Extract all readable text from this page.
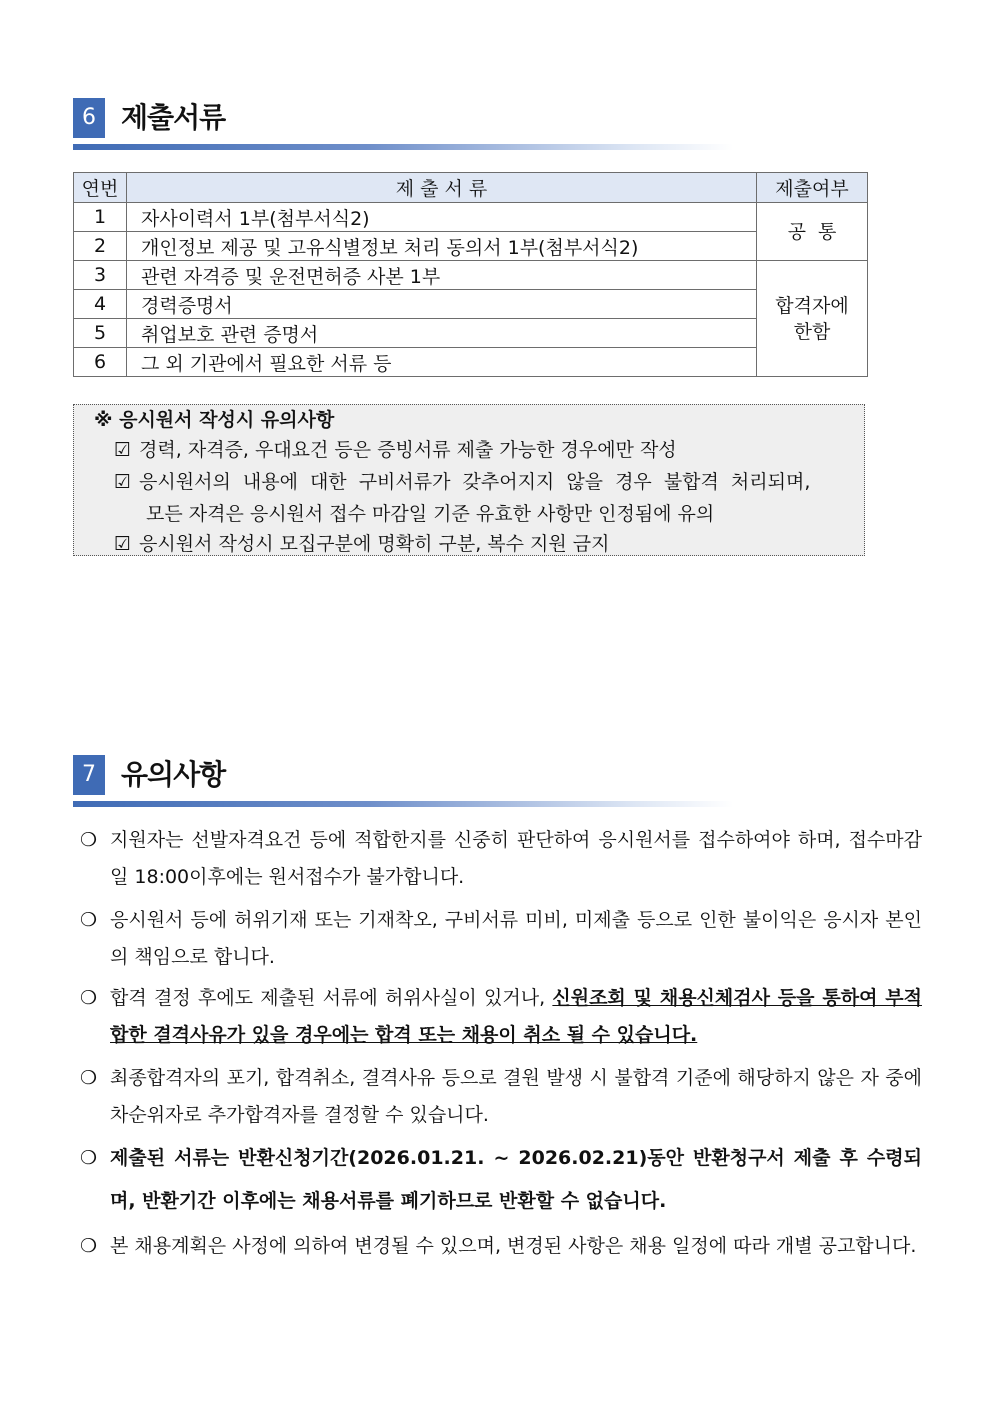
6 제출서류
연번	제 출 서 류	제출여부
1	자사이력서 1부(첨부서식2)	공  통
2	개인정보 제공 및 고유식별정보 처리 동의서 1부(첨부서식2)	
3	관련 자격증 및 운전면허증 사본 1부	합격자에
한함
4	경력증명서	
5	취업보호 관련 증명서	
6	그 외 기관에서 필요한 서류 등	
※ 응시원서 작성시 유의사항
☑ 경력, 자격증, 우대요건 등은 증빙서류 제출 가능한 경우에만 작성
☑ 응시원서의 내용에 대한 구비서류가 갖추어지지 않을 경우 불합격 처리되며,
모든 자격은 응시원서 접수 마감일 기준 유효한 사항만 인정됨에 유의
☑ 응시원서 작성시 모집구분에 명확히 구분, 복수 지원 금지
7 유의사항
❍ 지원자는 선발자격요건 등에 적합한지를 신중히 판단하여 응시원서를 접수하여야 하며, 접수마감일 18:00이후에는 원서접수가 불가합니다.
❍ 응시원서 등에 허위기재 또는 기재착오, 구비서류 미비, 미제출 등으로 인한 불이익은 응시자 본인의 책임으로 합니다.
❍ 합격 결정 후에도 제출된 서류에 허위사실이 있거나, 신원조회 및 채용신체검사 등을 통하여 부적합한 결격사유가 있을 경우에는 합격 또는 채용이 취소 될 수 있습니다.
❍ 최종합격자의 포기, 합격취소, 결격사유 등으로 결원 발생 시 불합격 기준에 해당하지 않은 자 중에 차순위자로 추가합격자를 결정할 수 있습니다.
❍ 제출된 서류는 반환신청기간(2026.01.21. ~ 2026.02.21)동안 반환청구서 제출 후 수령되며, 반환기간 이후에는 채용서류를 폐기하므로 반환할 수 없습니다.
❍ 본 채용계획은 사정에 의하여 변경될 수 있으며, 변경된 사항은 채용 일정에 따라 개별 공고합니다.
